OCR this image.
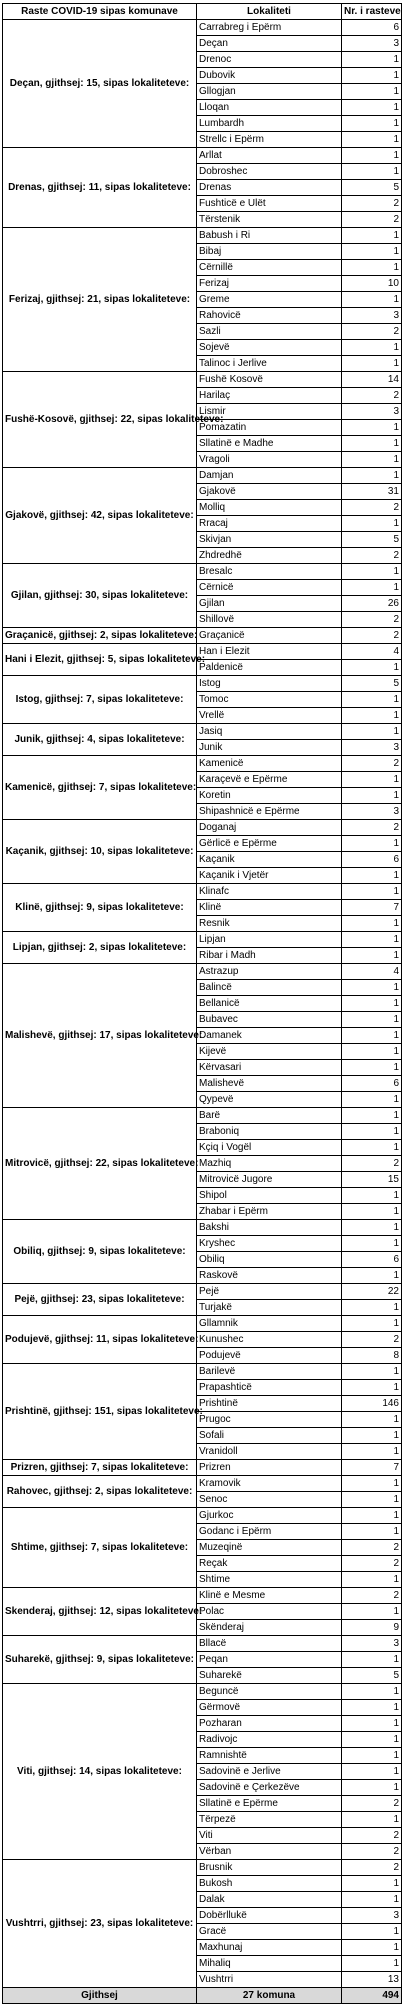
Raste COVID-19 sipas komunave	Lokaliteti	Nr. i rasteve
Deçan, gjithsej: 15, sipas lokaliteteve:	Carrabreg i Epërm	6
	Deçan	3
	Drenoc	1
	Dubovik	1
	Gllogjan	1
	Lloqan	1
	Lumbardh	1
	Strellc i Epërm	1
Drenas, gjithsej: 11, sipas lokaliteteve:	Arllat	1
	Dobroshec	1
	Drenas	5
	Fushticë e Ulët	2
	Tërstenik	2
Ferizaj, gjithsej: 21, sipas lokaliteteve:	Babush i Ri	1
	Bibaj	1
	Cërnillë	1
	Ferizaj	10
	Greme	1
	Rahovicë	3
	Sazli	2
	Sojevë	1
	Talinoc i Jerlive	1
Fushë-Kosovë, gjithsej: 22, sipas lokaliteteve:	Fushë Kosovë	14
	Harilaç	2
	Lismir	3
	Pomazatin	1
	Sllatinë e Madhe	1
	Vragoli	1
Gjakovë, gjithsej: 42, sipas lokaliteteve:	Damjan	1
	Gjakovë	31
	Molliq	2
	Rracaj	1
	Skivjan	5
	Zhdredhë	2
Gjilan, gjithsej: 30, sipas lokaliteteve:	Bresalc	1
	Cërnicë	1
	Gjilan	26
	Shillovë	2
Graçanicë, gjithsej: 2, sipas lokaliteteve:	Graçanicë	2
Hani i Elezit, gjithsej: 5, sipas lokaliteteve:	Han i Elezit	4
	Paldenicë	1
Istog, gjithsej: 7, sipas lokaliteteve:	Istog	5
	Tomoc	1
	Vrellë	1
Junik, gjithsej: 4, sipas lokaliteteve:	Jasiq	1
	Junik	3
Kamenicë, gjithsej: 7, sipas lokaliteteve:	Kamenicë	2
	Karaçevë e Epërme	1
	Koretin	1
	Shipashnicë e Epërme	3
Kaçanik, gjithsej: 10, sipas lokaliteteve:	Doganaj	2
	Gërlicë e Epërme	1
	Kaçanik	6
	Kaçanik i Vjetër	1
Klinë, gjithsej: 9, sipas lokaliteteve:	Klinafc	1
	Klinë	7
	Resnik	1
Lipjan, gjithsej: 2, sipas lokaliteteve:	Lipjan	1
	Ribar i Madh	1
Malishevë, gjithsej: 17, sipas lokaliteteve:	Astrazup	4
	Balincë	1
	Bellanicë	1
	Bubavec	1
	Damanek	1
	Kijevë	1
	Kërvasari	1
	Malishevë	6
	Qypevë	1
Mitrovicë, gjithsej: 22, sipas lokaliteteve:	Barë	1
	Braboniq	1
	Kçiq i Vogël	1
	Mazhiq	2
	Mitrovicë Jugore	15
	Shipol	1
	Zhabar i Epërm	1
Obiliq, gjithsej: 9, sipas lokaliteteve:	Bakshi	1
	Kryshec	1
	Obiliq	6
	Raskovë	1
Pejë, gjithsej: 23, sipas lokaliteteve:	Pejë	22
	Turjakë	1
Podujevë, gjithsej: 11, sipas lokaliteteve:	Gllamnik	1
	Kunushec	2
	Podujevë	8
Prishtinë, gjithsej: 151, sipas lokaliteteve:	Barilevë	1
	Prapashticë	1
	Prishtinë	146
	Prugoc	1
	Sofali	1
	Vranidoll	1
Prizren, gjithsej: 7, sipas lokaliteteve:	Prizren	7
Rahovec, gjithsej: 2, sipas lokaliteteve:	Kramovik	1
	Senoc	1
Shtime, gjithsej: 7, sipas lokaliteteve:	Gjurkoc	1
	Godanc i Epërm	1
	Muzeqinë	2
	Reçak	2
	Shtime	1
Skenderaj, gjithsej: 12, sipas lokaliteteve:	Klinë e Mesme	2
	Polac	1
	Skënderaj	9
Suharekë, gjithsej: 9, sipas lokaliteteve:	Bllacë	3
	Peqan	1
	Suharekë	5
Viti, gjithsej: 14, sipas lokaliteteve:	Beguncë	1
	Gërmovë	1
	Pozharan	1
	Radivojc	1
	Ramnishtë	1
	Sadovinë e Jerlive	1
	Sadovinë e Çerkezëve	1
	Sllatinë e Epërme	2
	Tërpezë	1
	Viti	2
	Vërban	2
Vushtrri, gjithsej: 23, sipas lokaliteteve:	Brusnik	2
	Bukosh	1
	Dalak	1
	Dobërllukë	3
	Gracë	1
	Maxhunaj	1
	Mihaliq	1
	Vushtrri	13
Gjithsej	27 komuna	494
